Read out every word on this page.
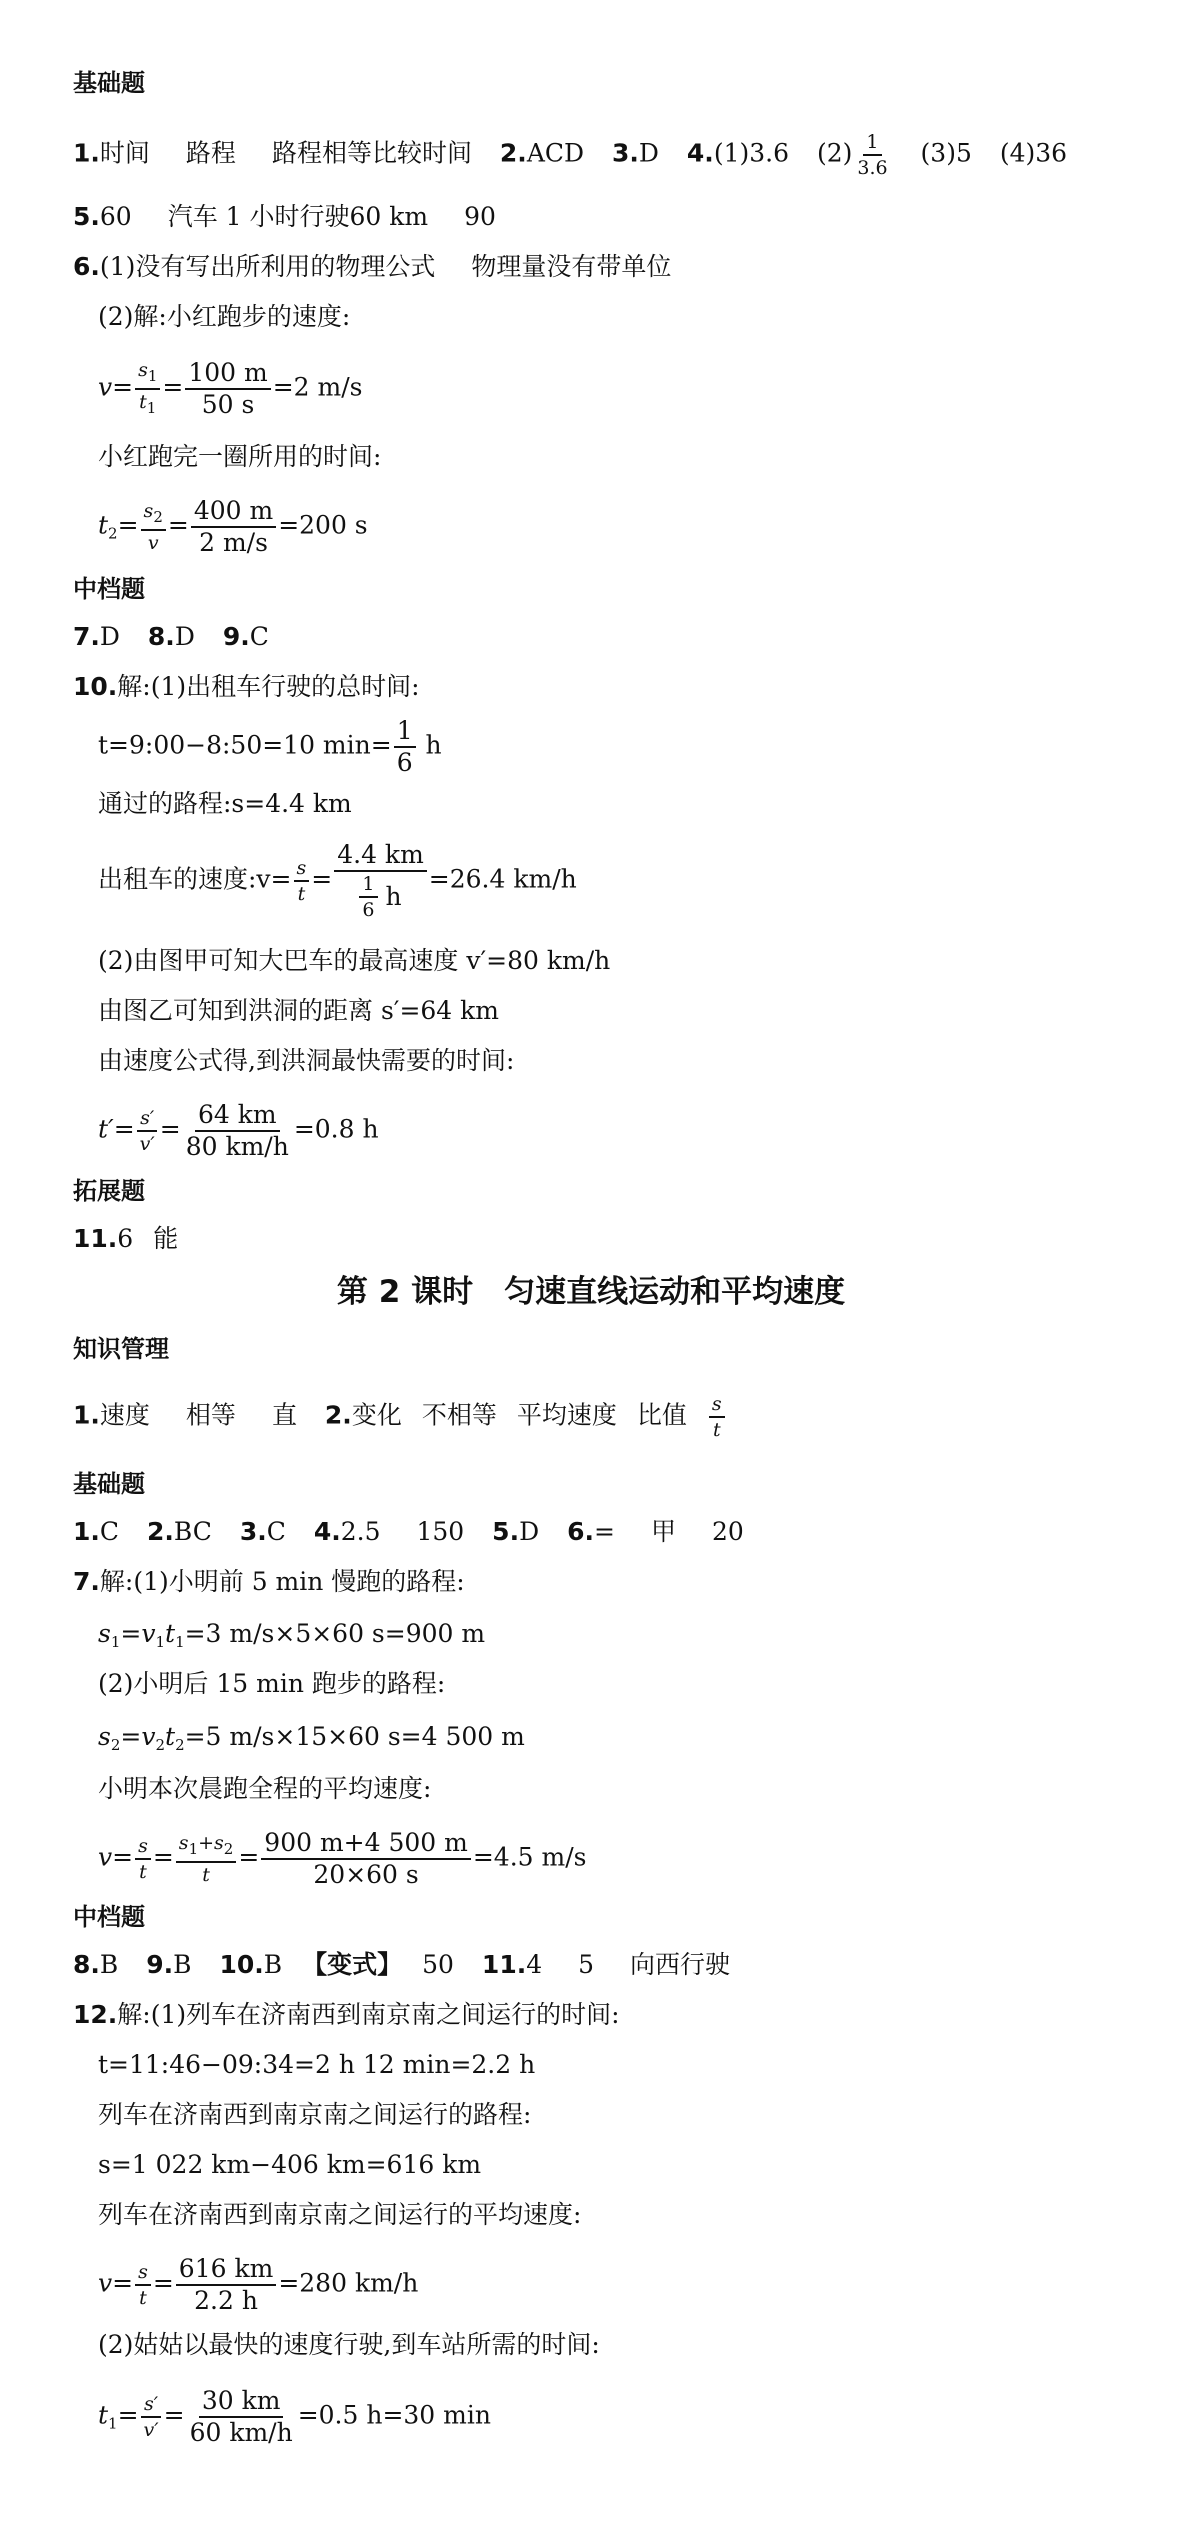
基础题
1.时间 路程 路程相等比较时间 2.ACD 3.D 4.(1)3.6 $(2) \frac{1}{3.6} (3)5$ (4)36
5.60 汽车 1 小时行驶60 km 90
6.(1)没有写出所利用的物理公式 物理量没有带单位
(2)解:小红跑步的速度:
$v= \frac{s_1}{t_1} = \frac{100 m}{50 s} =2$ m/s
小红跑完一圈所用的时间:
$t_2= \frac{s_2}{v} = \frac{400 m}{2 m/s} =200$ s
中档题
7.D 8.D 9.C
10.解:(1)出租车行驶的总时间:
t=9:00−8:50=10 $\min= \frac{1}{6}$ h
通过的路程:s=4.4 km
出租车的速度:v= $\frac{s}{t} = 4.4$ km
$\frac{1}{6}$
h =26.4 km/h
(2)由图甲可知大巴车的最高速度 v′=80 km/h
由图乙可知到洪洞的距离 s′=64 km
由速度公式得,到洪洞最快需要的时间:
$t'= \frac{s'}{v'} = \frac{64 km}{80 km/h} =0.8$ h
拓展题
11.6 能
第 2 课时　匀速直线运动和平均速度
知识管理
1.速度 相等 直 2.变化 不相等 平均速度 比值 $\frac{s}{t}$
基础题
1.C 2.BC 3.C 4.2.5 150 5.D 6.= 甲 20
7.解:(1)小明前 5 min 慢跑的路程:
$s_1=v_1t_1=3$ m/s×5×60 s=900 m
(2)小明后 15 min 跑步的路程:
$s_2=v_2t_2=5$ m/s×15×60 s=4 500 m
小明本次晨跑全程的平均速度:
$v= \frac{s}{t} = \frac{s_1+s_2}{t} = \frac{900 m+4 500 m}{20\times 60 s} =4.5$ m/s
中档题
8.B 9.B 10.B 【变式】 50 11.4 5 向西行驶
12.解:(1)列车在济南西到南京南之间运行的时间:
t=11:46−09:34=2 h 12 min=2.2 h
列车在济南西到南京南之间运行的路程:
s=1 022 km−406 km=616 km
列车在济南西到南京南之间运行的平均速度:
$v= \frac{s}{t} = \frac{616 km}{2.2 h} =280$ km/h
(2)姑姑以最快的速度行驶,到车站所需的时间:
$t_1= \frac{s'}{v'} = \frac{30 km}{60 km/h} =0.5$ h=30 min
